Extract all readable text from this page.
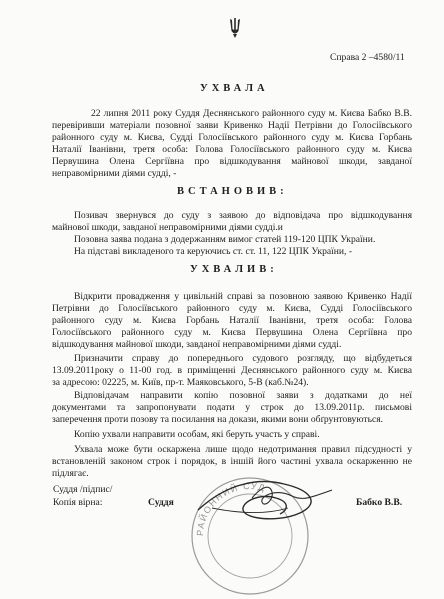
Справа 2 –4580/11
УХВАЛА
22 липня 2011 року Суддя Деснянського районного суду м. Києва Бабко В.В.
перевіривши матеріали позовної заяви Кривенко Надії Петрівни до Голосіївського
районного суду м. Києва, Судді Голосіївського районного суду м. Києва Горбань
Наталії Іванівни, третя особа: Голова Голосіївського районного суду м. Києва
Первушина Олена Сергіївна про відшкодування майнової шкоди, завданої
неправомірними діями судді, -
ВСТАНОВИВ:
Позивач звернувся до суду з заявою до відповідача про відшкодування
майнової шкоди, завданої неправомірними діями судді.и
Позовна заява подана з додержанням вимог статей 119-120 ЦПК України.
На підставі викладеного та керуючись ст. ст. 11, 122 ЦПК України, -
УХВАЛИВ:
Відкрити провадження у цивільній справі за позовною заявою Кривенко Надії
Петрівни до Голосіївського районного суду м. Києва, Судді Голосіївського
районного суду м. Києва Горбань Наталії Іванівни, третя особа: Голова
Голосіївського районного суду м. Києва Первушина Олена Сергіївна про
відшкодування майнової шкоди, завданої неправомірними діями судді.
Призначити справу до попереднього судового розгляду, що відбудеться
13.09.2011року о 11-00 год. в приміщенні Деснянського районного суду м. Києва
за адресою: 02225, м. Київ, пр-т. Маяковського, 5-В (каб.№24).
Відповідачам направити копію позовної заяви з додатками до неї
документами та запропонувати подати у строк до 13.09.2011р. письмові
заперечення проти позову та посилання на докази, якими вони обґрунтовуються.
Копію ухвали направити особам, які беруть участь у справі.
Ухвала може бути оскаржена лише щодо недотримання правил підсудності у
встановленій законом строк і порядок, в іншій його частині ухвала оскарженню не
підлягає.
РАЙОННИЙ СУД
Суддя /підпис/
Копія вірна:	Суддя	Бабко В.В.
